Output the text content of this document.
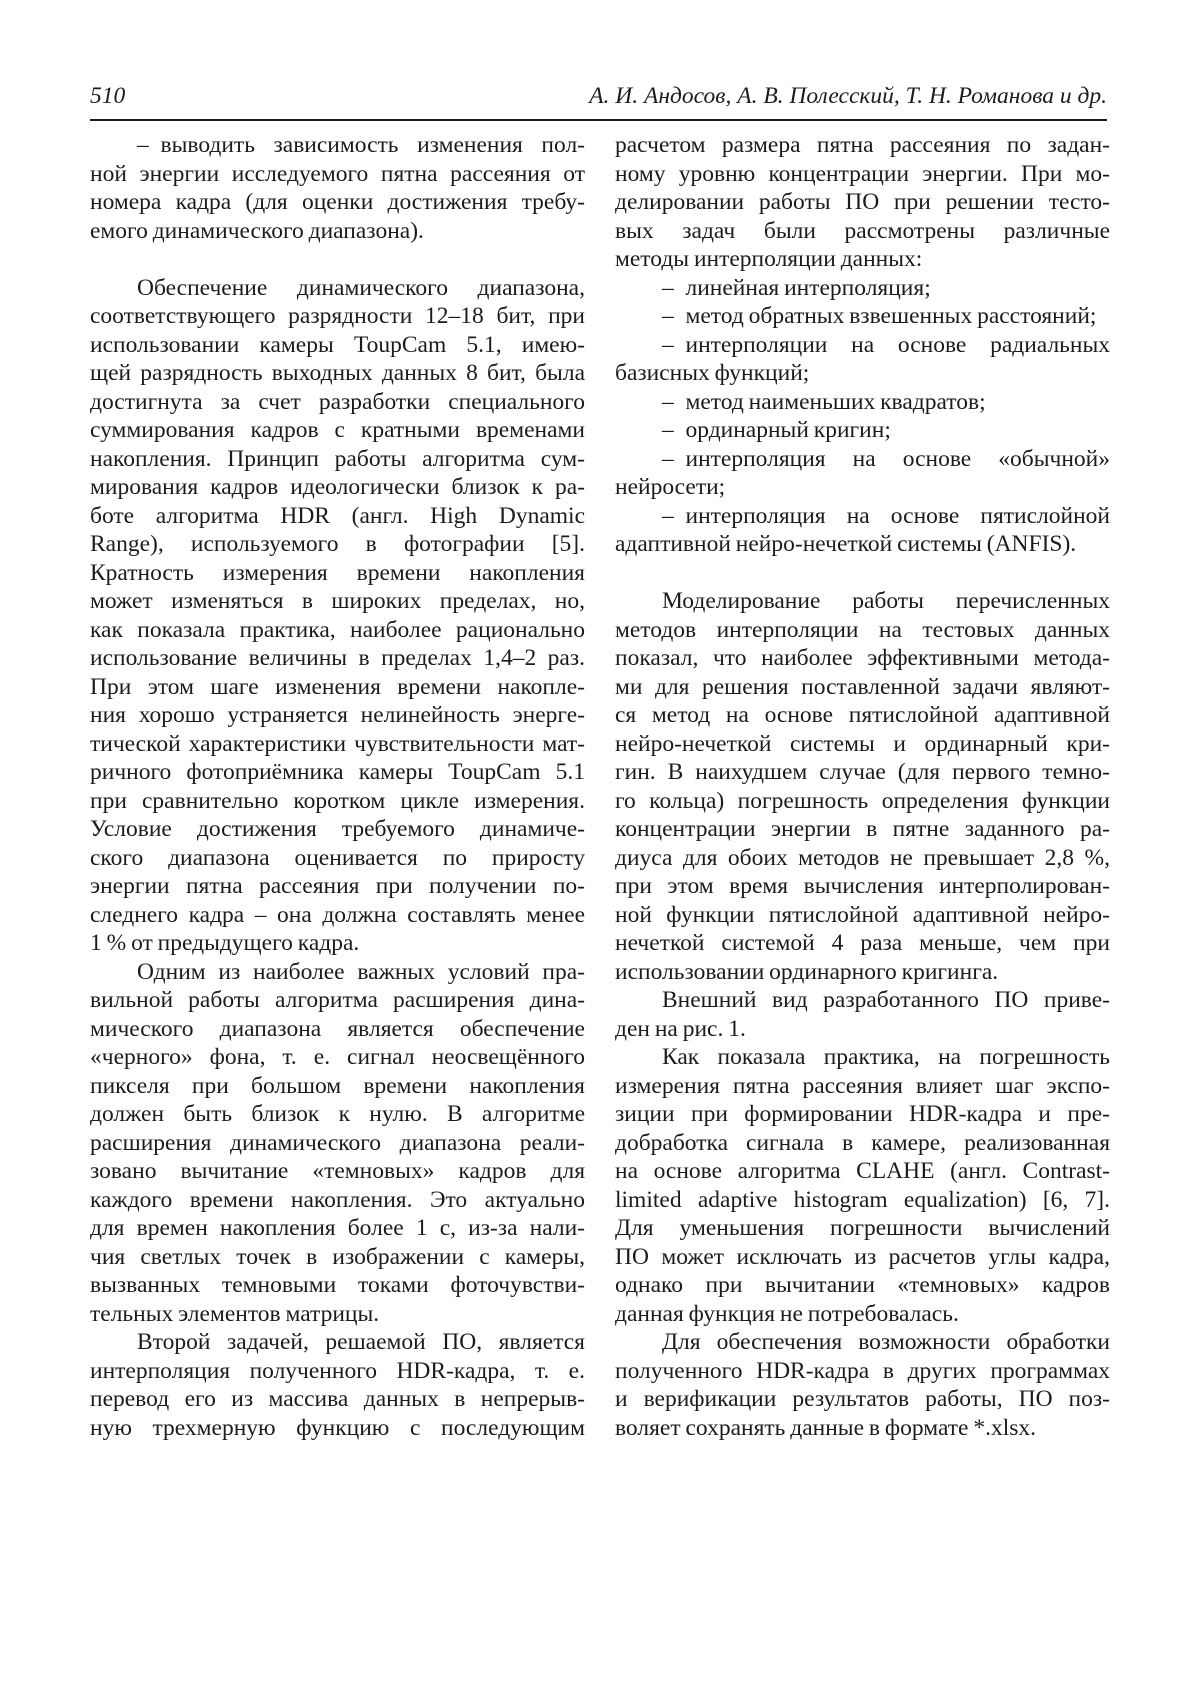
510	А. И. Андосов, А. В. Полесский, Т. Н. Романова и др.
– выводить зависимость изменения пол-
ной энергии исследуемого пятна рассеяния от
номера кадра (для оценки достижения требу-
емого динамического диапазона).
Обеспечение динамического диапазона,
соответствующего разрядности 12–18 бит, при
использовании камеры ToupCam 5.1, имею-
щей разрядность выходных данных 8 бит, была
достигнута за счет разработки специального
суммирования кадров с кратными временами
накопления. Принцип работы алгоритма сум-
мирования кадров идеологически близок к ра-
боте алгоритма HDR (англ. High Dynamic
Range), используемого в фотографии [5].
Кратность измерения времени накопления
может изменяться в широких пределах, но,
как показала практика, наиболее рационально
использование величины в пределах 1,4–2 раз.
При этом шаге изменения времени накопле-
ния хорошо устраняется нелинейность энерге-
тической характеристики чувствительности мат-
ричного фотоприёмника камеры ToupCam 5.1
при сравнительно коротком цикле измерения.
Условие достижения требуемого динамиче-
ского диапазона оценивается по приросту
энергии пятна рассеяния при получении по-
следнего кадра – она должна составлять менее
1 % от предыдущего кадра.
Одним из наиболее важных условий пра-
вильной работы алгоритма расширения дина-
мического диапазона является обеспечение
«черного» фона, т. е. сигнал неосвещённого
пикселя при большом времени накопления
должен быть близок к нулю. В алгоритме
расширения динамического диапазона реали-
зовано вычитание «темновых» кадров для
каждого времени накопления. Это актуально
для времен накопления более 1 с, из-за нали-
чия светлых точек в изображении с камеры,
вызванных темновыми токами фоточувстви-
тельных элементов матрицы.
Второй задачей, решаемой ПО, является
интерполяция полученного HDR-кадра, т. е.
перевод его из массива данных в непрерыв-
ную трехмерную функцию с последующим
расчетом размера пятна рассеяния по задан-
ному уровню концентрации энергии. При мо-
делировании работы ПО при решении тесто-
вых задач были рассмотрены различные
методы интерполяции данных:
– линейная интерполяция;
– метод обратных взвешенных расстояний;
– интерполяции на основе радиальных
базисных функций;
– метод наименьших квадратов;
– ординарный кригин;
– интерполяция на основе «обычной»
нейросети;
– интерполяция на основе пятислойной
адаптивной нейро-нечеткой системы (ANFIS).
Моделирование работы перечисленных
методов интерполяции на тестовых данных
показал, что наиболее эффективными метода-
ми для решения поставленной задачи являют-
ся метод на основе пятислойной адаптивной
нейро-нечеткой системы и ординарный кри-
гин. В наихудшем случае (для первого темно-
го кольца) погрешность определения функции
концентрации энергии в пятне заданного ра-
диуса для обоих методов не превышает 2,8 %,
при этом время вычисления интерполирован-
ной функции пятислойной адаптивной нейро-
нечеткой системой 4 раза меньше, чем при
использовании ординарного кригинга.
Внешний вид разработанного ПО приве-
ден на рис. 1.
Как показала практика, на погрешность
измерения пятна рассеяния влияет шаг экспо-
зиции при формировании HDR-кадра и пре-
добработка сигнала в камере, реализованная
на основе алгоритма CLAHE (англ. Contrast-
limited adaptive histogram equalization) [6, 7].
Для уменьшения погрешности вычислений
ПО может исключать из расчетов углы кадра,
однако при вычитании «темновых» кадров
данная функция не потребовалась.
Для обеспечения возможности обработки
полученного HDR-кадра в других программах
и верификации результатов работы, ПО поз-
воляет сохранять данные в формате *.xlsx.
